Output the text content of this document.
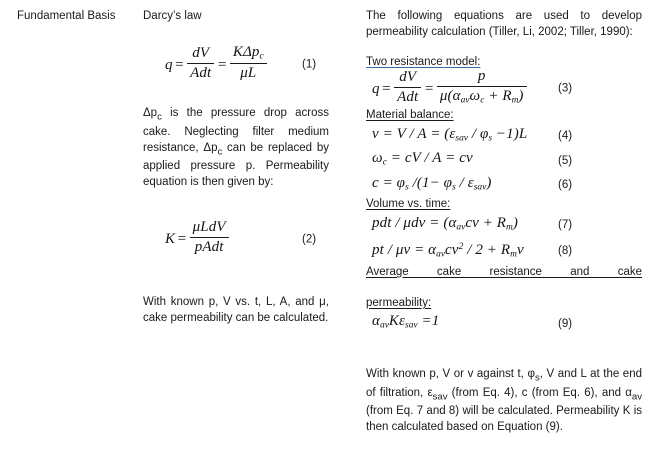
Fundamental Basis	Darcy’s law
$q = \frac{dV}{\text{Adt}} = \frac{K\Delta p_c}{\mu L}$	(1)

$\Delta p_c$ is the pressure drop across cake. Neglecting filter medium resistance, $\Delta p_c$ can be replaced by applied pressure p. Permeability equation is then given by:

$K = \frac{\text{μLdV}}{\text{pAdt}}$	(2)

With known p, V vs. t, L, A, and μ, cake permeability can be calculated.

The following equations are used to develop permeability calculation (Tiller, Li, 2002; Tiller, 1990):

Two resistance model:
$q = \frac{dV}{\text{Adt}} = \frac{p}{\mu(\alpha_{av}\omega_c + R_m)}$	(3)
Material balance:
$v = V / A = (\varepsilon_{sav} / \varphi_s -1)L$	(4)
$\omega_c$ = cV / A = cv	(5)
$c = \varphi_s$ $/(1- \varphi_s / \varepsilon_{sav})$	(6)
Volume vs. time:
pdt / $\mu dv = (\alpha_{av}cv + R_m)$	(7)
pt / $\mu v = \alpha_{av}cv^2 / 2 + R_mv$	(8)
Average cake resistance and cake
permeability:
$\alpha_{av}K\varepsilon_{sav} =1$	(9)

With known p, V or v against t, $\varphi_s$, V and L at the end of filtration, $\varepsilon_{sav}$ (from Eq. 4), c (from Eq. 6), and $\alpha_{av}$ (from Eq. 7 and 8) will be calculated. Permeability K is then calculated based on Equation (9).
